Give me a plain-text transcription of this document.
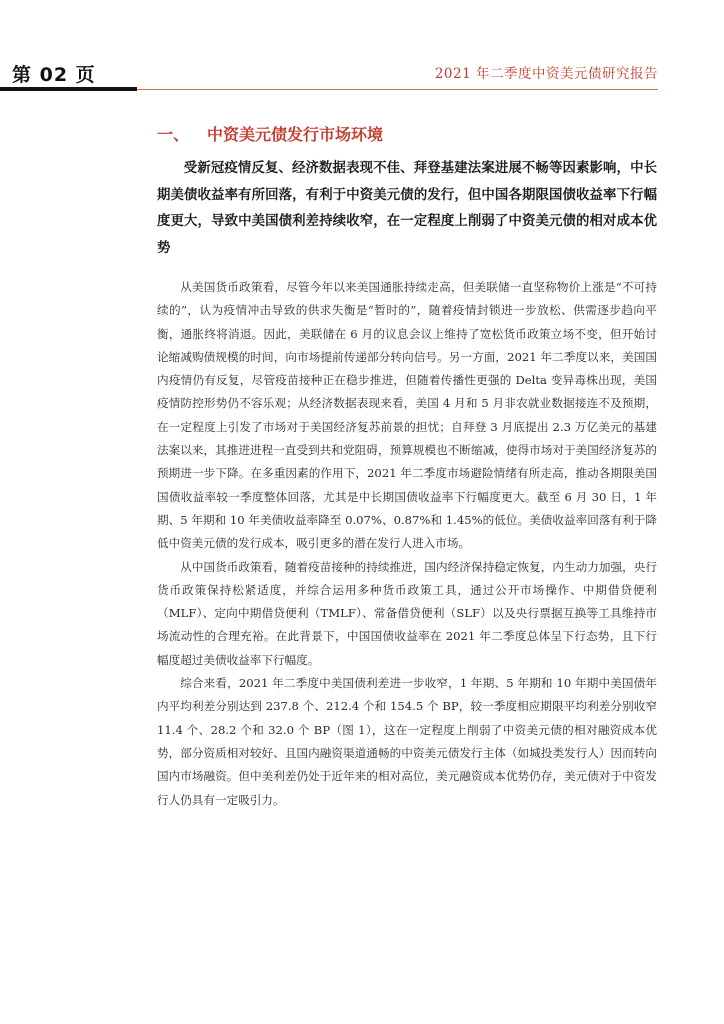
第 02 页	2021 年二季度中资美元债研究报告
一、 中资美元债发行市场环境

受新冠疫情反复、经济数据表现不佳、拜登基建法案进展不畅等因素影响，中长期美债收益率有所回落，有利于中资美元债的发行，但中国各期限国债收益率下行幅度更大，导致中美国债利差持续收窄，在一定程度上削弱了中资美元债的相对成本优势

从美国货币政策看，尽管今年以来美国通胀持续走高，但美联储一直坚称物价上涨是“不可持续的”，认为疫情冲击导致的供求失衡是“暂时的”，随着疫情封锁进一步放松、供需逐步趋向平衡，通胀终将消退。因此，美联储在 6 月的议息会议上维持了宽松货币政策立场不变，但开始讨论缩减购债规模的时间，向市场提前传递部分转向信号。另一方面，2021 年二季度以来，美国国内疫情仍有反复，尽管疫苗接种正在稳步推进，但随着传播性更强的 Delta 变异毒株出现，美国疫情防控形势仍不容乐观；从经济数据表现来看，美国 4 月和 5 月非农就业数据接连不及预期，在一定程度上引发了市场对于美国经济复苏前景的担忧；自拜登 3 月底提出 2.3 万亿美元的基建法案以来，其推进进程一直受到共和党阻碍，预算规模也不断缩减，使得市场对于美国经济复苏的预期进一步下降。在多重因素的作用下，2021 年二季度市场避险情绪有所走高，推动各期限美国国债收益率较一季度整体回落，尤其是中长期国债收益率下行幅度更大。截至 6 月 30 日，1 年期、5 年期和 10 年美债收益率降至 0.07%、0.87%和 1.45%的低位。美债收益率回落有利于降低中资美元债的发行成本，吸引更多的潜在发行人进入市场。

从中国货币政策看，随着疫苗接种的持续推进，国内经济保持稳定恢复，内生动力加强，央行货币政策保持松紧适度，并综合运用多种货币政策工具，通过公开市场操作、中期借贷便利（MLF）、定向中期借贷便利（TMLF）、常备借贷便利（SLF）以及央行票据互换等工具维持市场流动性的合理充裕。在此背景下，中国国债收益率在 2021 年二季度总体呈下行态势，且下行幅度超过美债收益率下行幅度。

综合来看，2021 年二季度中美国债利差进一步收窄，1 年期、5 年期和 10 年期中美国债年内平均利差分别达到 237.8 个、212.4 个和 154.5 个 BP，较一季度相应期限平均利差分别收窄 11.4 个、28.2 个和 32.0 个 BP（图 1），这在一定程度上削弱了中资美元债的相对融资成本优势，部分资质相对较好、且国内融资渠道通畅的中资美元债发行主体（如城投类发行人）因而转向国内市场融资。但中美利差仍处于近年来的相对高位，美元融资成本优势仍存，美元债对于中资发行人仍具有一定吸引力。
